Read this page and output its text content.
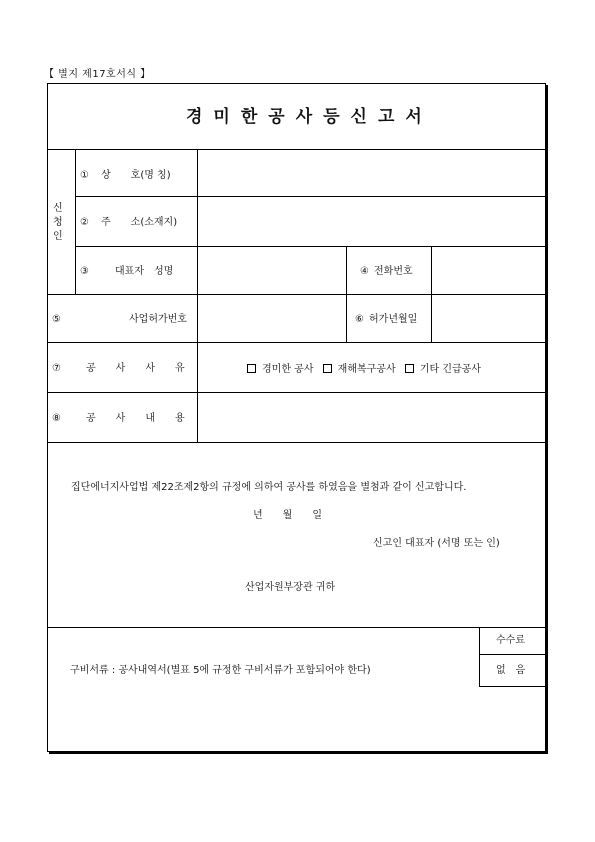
【 별지 제17호서식 】
경미한공사등신고서
신
청
인
① 상　　호(명 칭)
② 주　　소(소재지)
③	대표자　성명	④ 전화번호
⑤	사업허가번호	⑥ 허가년월일
⑦	공　　사　　사　　유	경미한 공사 재해복구공사 기타 긴급공사
⑧	공　　사　　내　　용
집단에너지사업법 제22조제2항의 규정에 의하여 공사를 하였음을 별첨과 같이 신고합니다.
년　　월　　일
신고인 대표자 (서명 또는 인)
산업자원부장관 귀하
구비서류 : 공사내역서(별표 5에 규정한 구비서류가 포함되어야 한다)
수수료
없　음
